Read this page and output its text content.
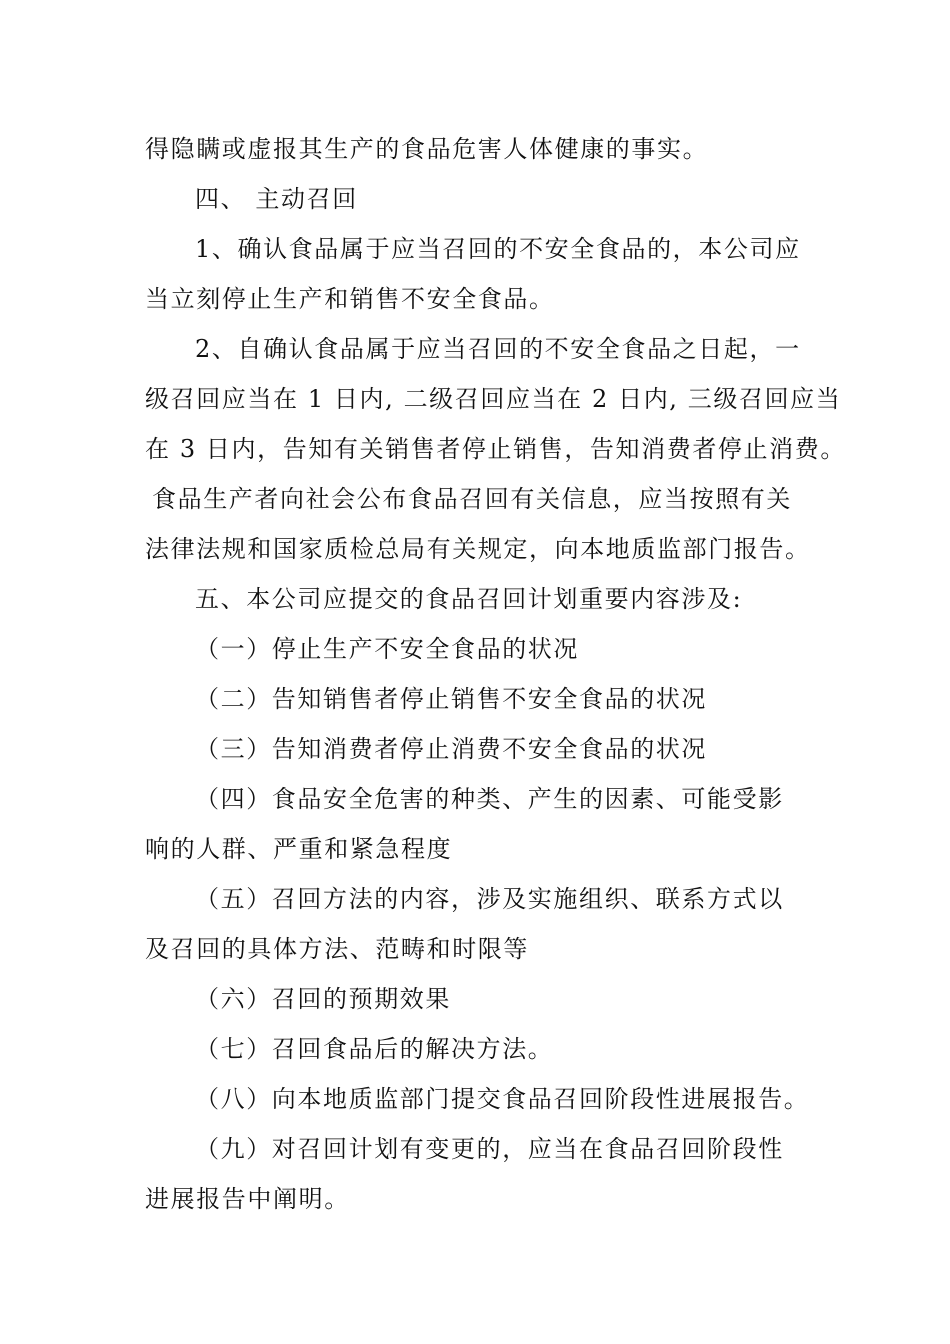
得隐瞒或虚报其生产的食品危害人体健康的事实。
四、 主动召回
1、确认食品属于应当召回的不安全食品的，本公司应
当立刻停止生产和销售不安全食品。
2、自确认食品属于应当召回的不安全食品之日起，一
级召回应当在 1 日内, 二级召回应当在 2 日内, 三级召回应当
在 3 日内，告知有关销售者停止销售，告知消费者停止消费。
食品生产者向社会公布食品召回有关信息，应当按照有关
法律法规和国家质检总局有关规定，向本地质监部门报告。
五、本公司应提交的食品召回计划重要内容涉及:
（一）停止生产不安全食品的状况
（二）告知销售者停止销售不安全食品的状况
（三）告知消费者停止消费不安全食品的状况
（四）食品安全危害的种类、产生的因素、可能受影
响的人群、严重和紧急程度
（五）召回方法的内容，涉及实施组织、联系方式以
及召回的具体方法、范畴和时限等
（六）召回的预期效果
（七）召回食品后的解决方法。
（八）向本地质监部门提交食品召回阶段性进展报告。
（九）对召回计划有变更的，应当在食品召回阶段性
进展报告中阐明。
